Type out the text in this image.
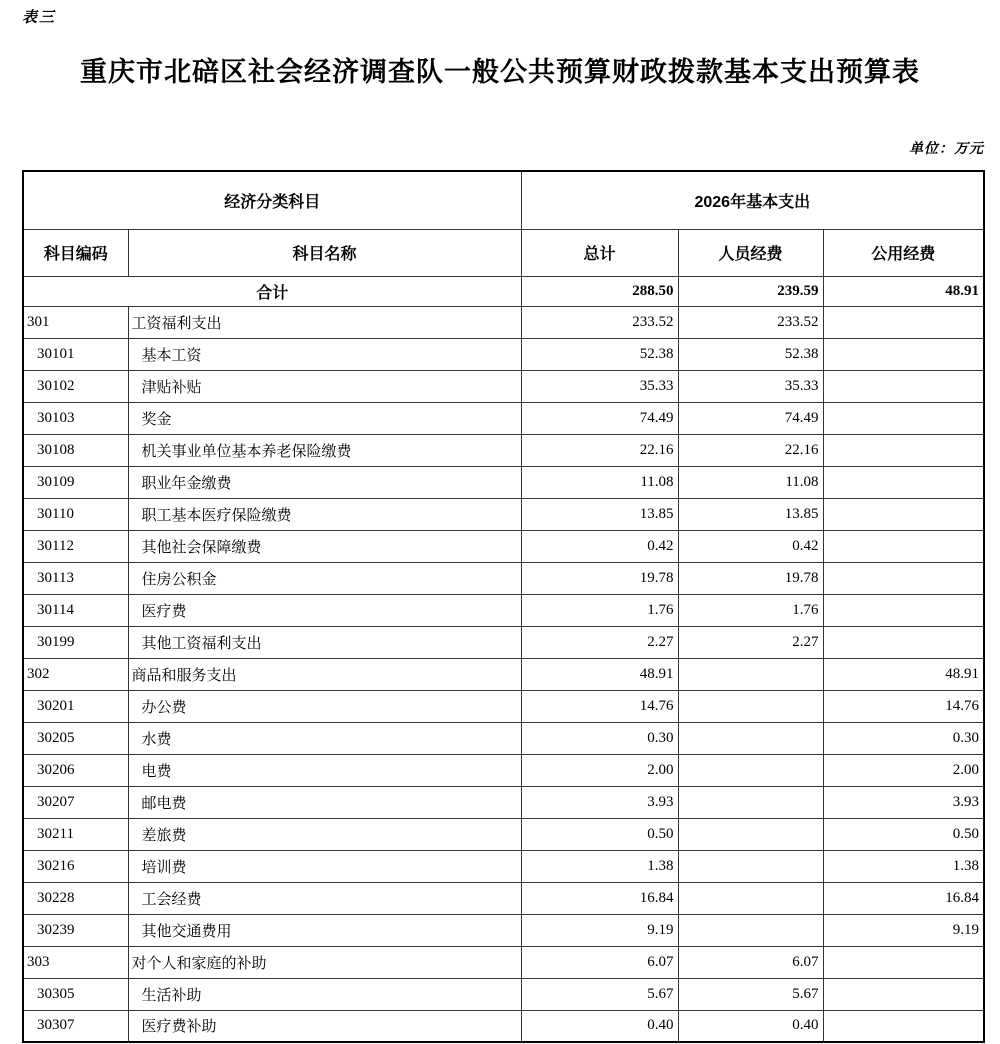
表三
重庆市北碚区社会经济调查队一般公共预算财政拨款基本支出预算表
单位：万元
经济分类科目		2026年基本支出		
科目编码	科目名称	总计	人员经费	公用经费
合计		288.50	239.59	48.91
301	工资福利支出	233.52	233.52	
30101	基本工资	52.38	52.38	
30102	津贴补贴	35.33	35.33	
30103	奖金	74.49	74.49	
30108	机关事业单位基本养老保险缴费	22.16	22.16	
30109	职业年金缴费	11.08	11.08	
30110	职工基本医疗保险缴费	13.85	13.85	
30112	其他社会保障缴费	0.42	0.42	
30113	住房公积金	19.78	19.78	
30114	医疗费	1.76	1.76	
30199	其他工资福利支出	2.27	2.27	
302	商品和服务支出	48.91		48.91
30201	办公费	14.76		14.76
30205	水费	0.30		0.30
30206	电费	2.00		2.00
30207	邮电费	3.93		3.93
30211	差旅费	0.50		0.50
30216	培训费	1.38		1.38
30228	工会经费	16.84		16.84
30239	其他交通费用	9.19		9.19
303	对个人和家庭的补助	6.07	6.07	
30305	生活补助	5.67	5.67	
30307	医疗费补助	0.40	0.40	
